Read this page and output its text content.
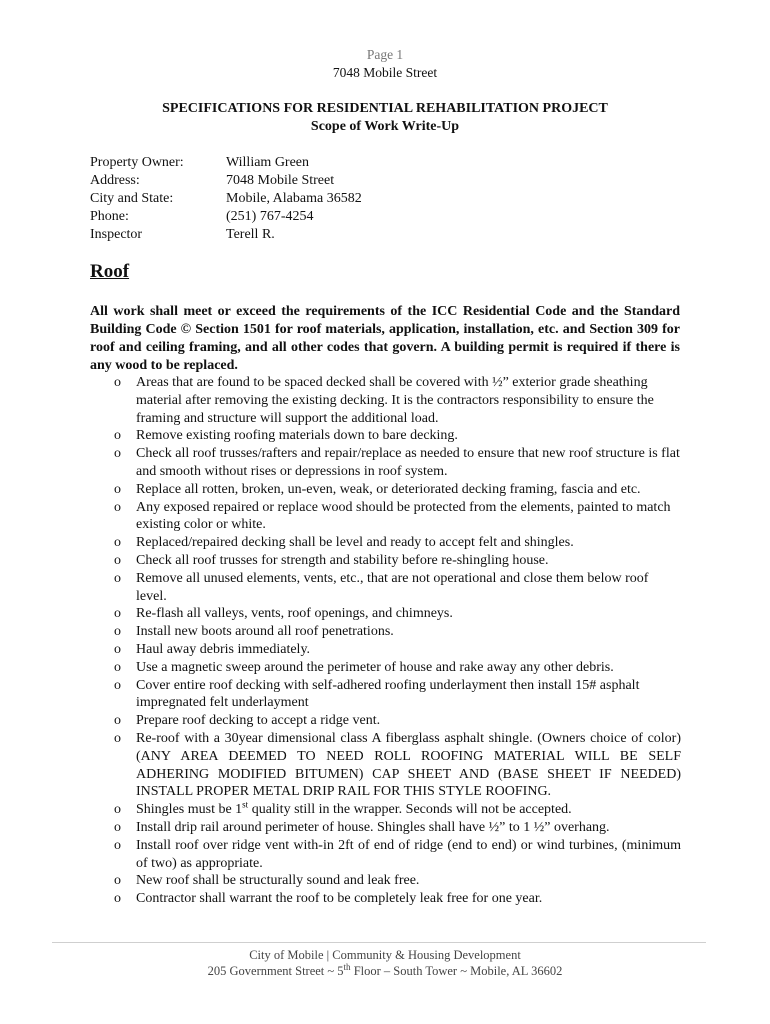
Page 1
7048 Mobile Street
SPECIFICATIONS FOR RESIDENTIAL REHABILITATION PROJECT
Scope of Work Write-Up
Property Owner:	William Green
Address:	7048 Mobile Street
City and State:	Mobile, Alabama 36582
Phone:	(251) 767-4254
Inspector	Terell R.
Roof
All work shall meet or exceed the requirements of the ICC Residential Code and the Standard Building Code © Section 1501 for roof materials, application, installation, etc. and Section 309 for roof and ceiling framing, and all other codes that govern. A building permit is required if there is any wood to be replaced.
o Areas that are found to be spaced decked shall be covered with ½” exterior grade sheathing material after removing the existing decking. It is the contractors responsibility to ensure the framing and structure will support the additional load.
o Remove existing roofing materials down to bare decking.
o Check all roof trusses/rafters and repair/replace as needed to ensure that new roof structure is flat and smooth without rises or depressions in roof system.
o Replace all rotten, broken, un-even, weak, or deteriorated decking framing, fascia and etc.
o Any exposed repaired or replace wood should be protected from the elements, painted to match existing color or white.
o Replaced/repaired decking shall be level and ready to accept felt and shingles.
o Check all roof trusses for strength and stability before re-shingling house.
o Remove all unused elements, vents, etc., that are not operational and close them below roof level.
o Re-flash all valleys, vents, roof openings, and chimneys.
o Install new boots around all roof penetrations.
o Haul away debris immediately.
o Use a magnetic sweep around the perimeter of house and rake away any other debris.
o Cover entire roof decking with self-adhered roofing underlayment then install 15# asphalt impregnated felt underlayment
o Prepare roof decking to accept a ridge vent.
o Re-roof with a 30year dimensional class A fiberglass asphalt shingle. (Owners choice of color) (ANY AREA DEEMED TO NEED ROLL ROOFING MATERIAL WILL BE SELF ADHERING MODIFIED BITUMEN) CAP SHEET AND (BASE SHEET IF NEEDED) INSTALL PROPER METAL DRIP RAIL FOR THIS STYLE ROOFING.
o Shingles must be 1st quality still in the wrapper. Seconds will not be accepted.
o Install drip rail around perimeter of house. Shingles shall have ½” to 1 ½” overhang.
o Install roof over ridge vent with-in 2ft of end of ridge (end to end) or wind turbines, (minimum of two) as appropriate.
o New roof shall be structurally sound and leak free.
o Contractor shall warrant the roof to be completely leak free for one year.
City of Mobile | Community & Housing Development
205 Government Street ~ 5th Floor – South Tower ~ Mobile, AL 36602
